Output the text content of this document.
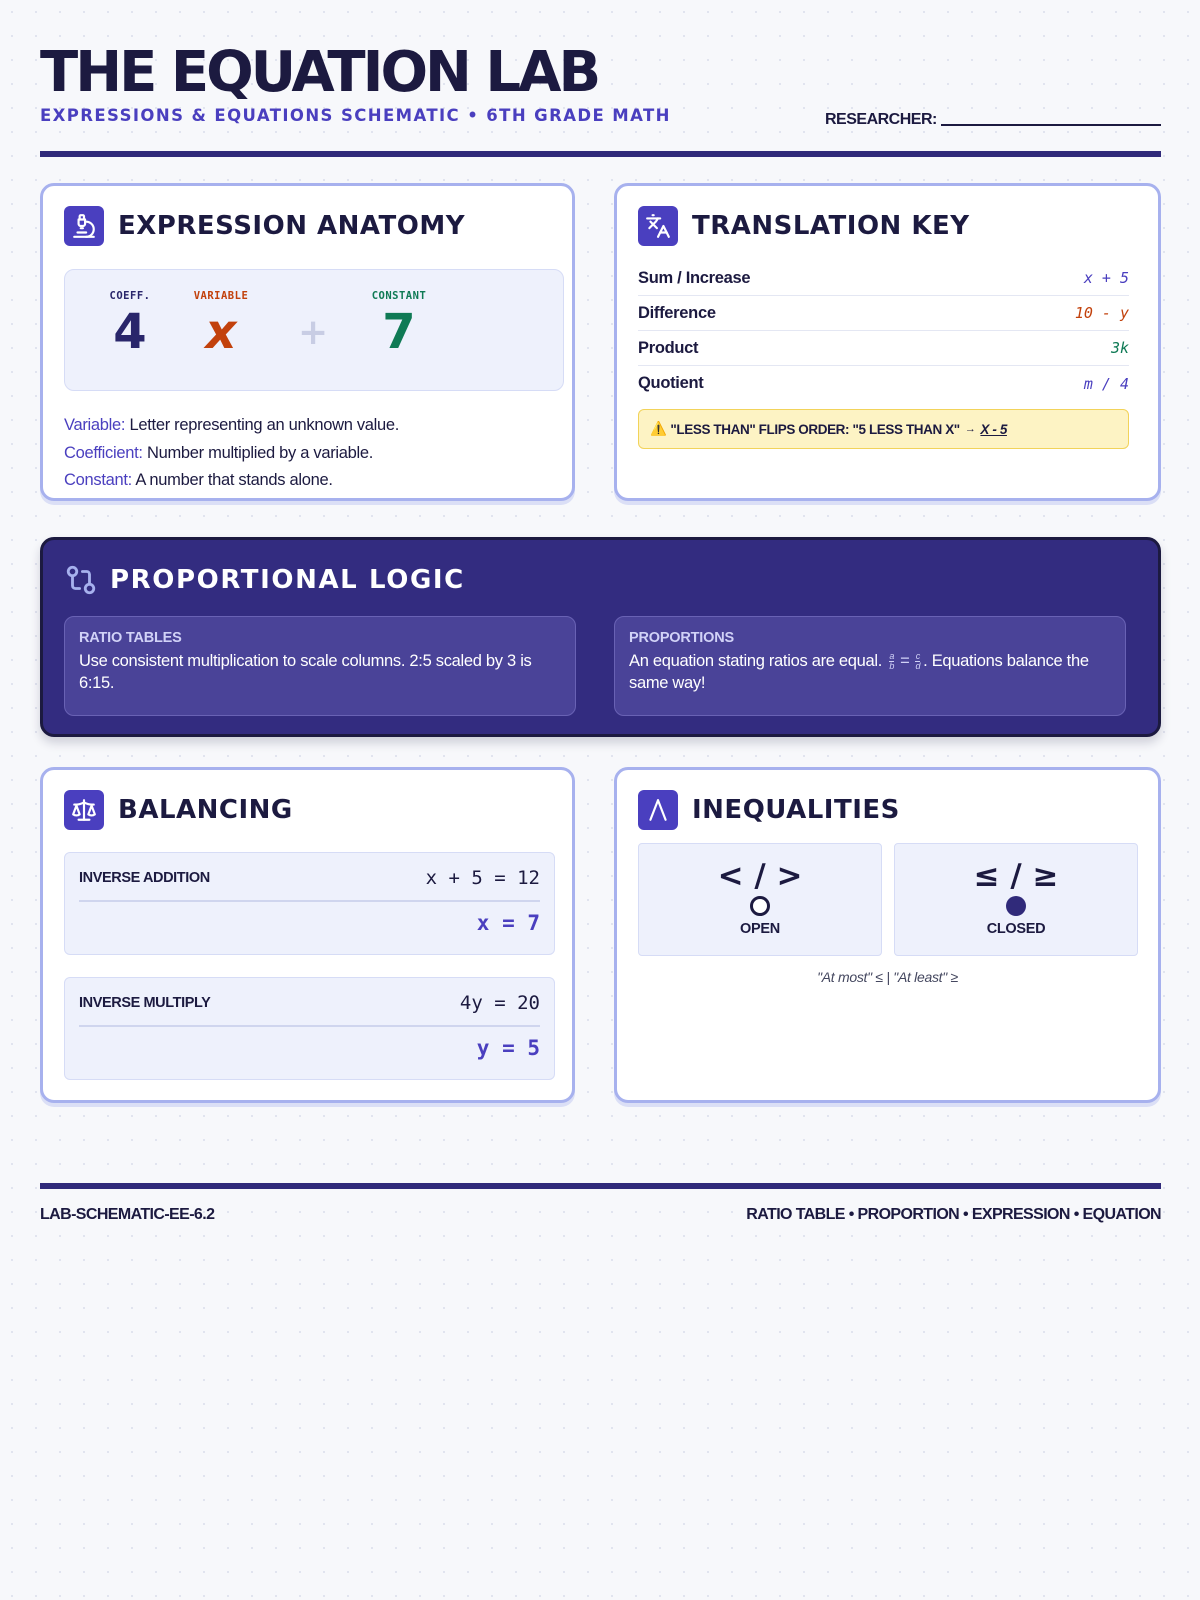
THE EQUATION LAB
EXPRESSIONS & EQUATIONS SCHEMATIC • 6TH GRADE MATH	RESEARCHER:
EXPRESSION ANATOMY
COEFF.
4
VARIABLE
x	+
CONSTANT
7
Variable: Letter representing an unknown value.
Coefficient: Number multiplied by a variable.
Constant: A number that stands alone.
TRANSLATION KEY
Sum / Increase	x + 5
Difference	10 - y
Product	3k
Quotient	m / 4
⚠️ "LESS THAN" FLIPS ORDER: "5 LESS THAN X" → X - 5
PROPORTIONAL LOGIC
RATIO TABLES
Use consistent multiplication to scale columns. 2:5 scaled by 3 is 6:15.
PROPORTIONS
An equation stating ratios are equal. $\frac{a}{b} = \frac{c}{d}$ . Equations balance the same way!
BALANCING
INVERSE ADDITION	x + 5 = 12
x = 7
INVERSE MULTIPLY	4y = 20
y = 5
INEQUALITIES
< / >
OPEN
≤ / ≥
CLOSED
"At most" ≤ | "At least" ≥
LAB-SCHEMATIC-EE-6.2	RATIO TABLE • PROPORTION • EXPRESSION • EQUATION
